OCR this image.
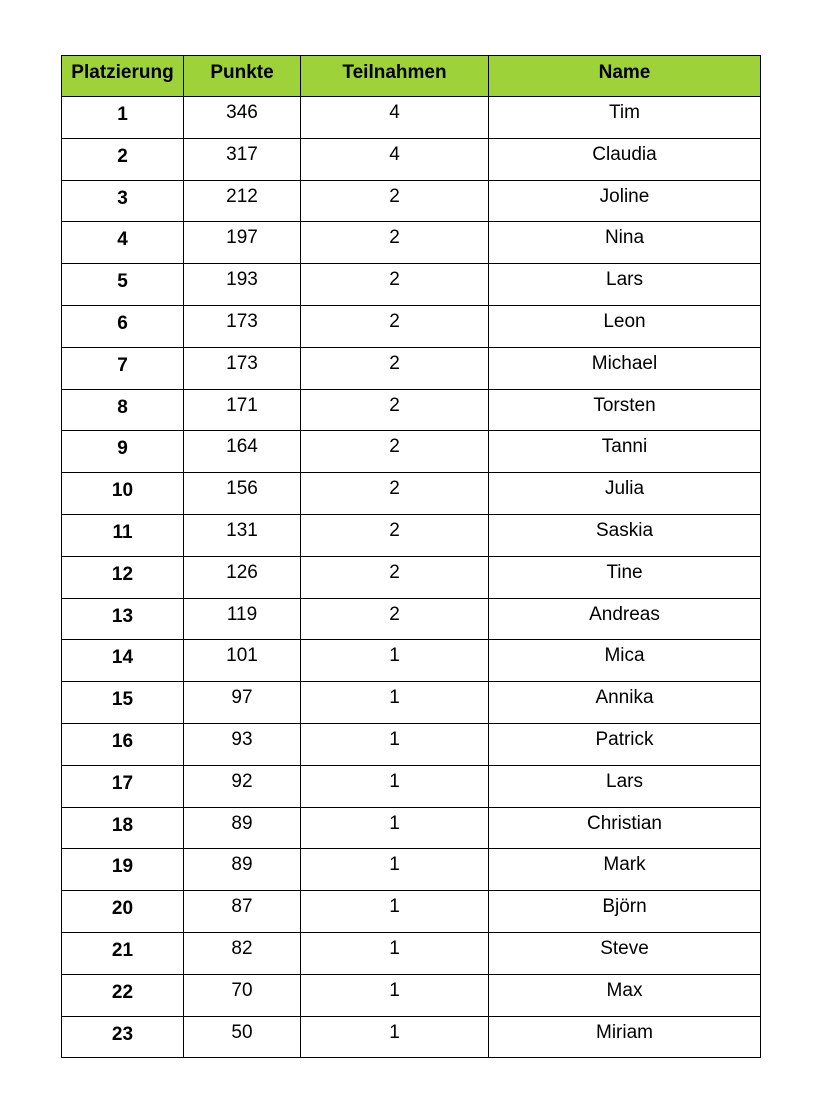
Platzierung	Punkte	Teilnahmen	Name
1	346	4	Tim
2	317	4	Claudia
3	212	2	Joline
4	197	2	Nina
5	193	2	Lars
6	173	2	Leon
7	173	2	Michael
8	171	2	Torsten
9	164	2	Tanni
10	156	2	Julia
11	131	2	Saskia
12	126	2	Tine
13	119	2	Andreas
14	101	1	Mica
15	97	1	Annika
16	93	1	Patrick
17	92	1	Lars
18	89	1	Christian
19	89	1	Mark
20	87	1	Björn
21	82	1	Steve
22	70	1	Max
23	50	1	Miriam
